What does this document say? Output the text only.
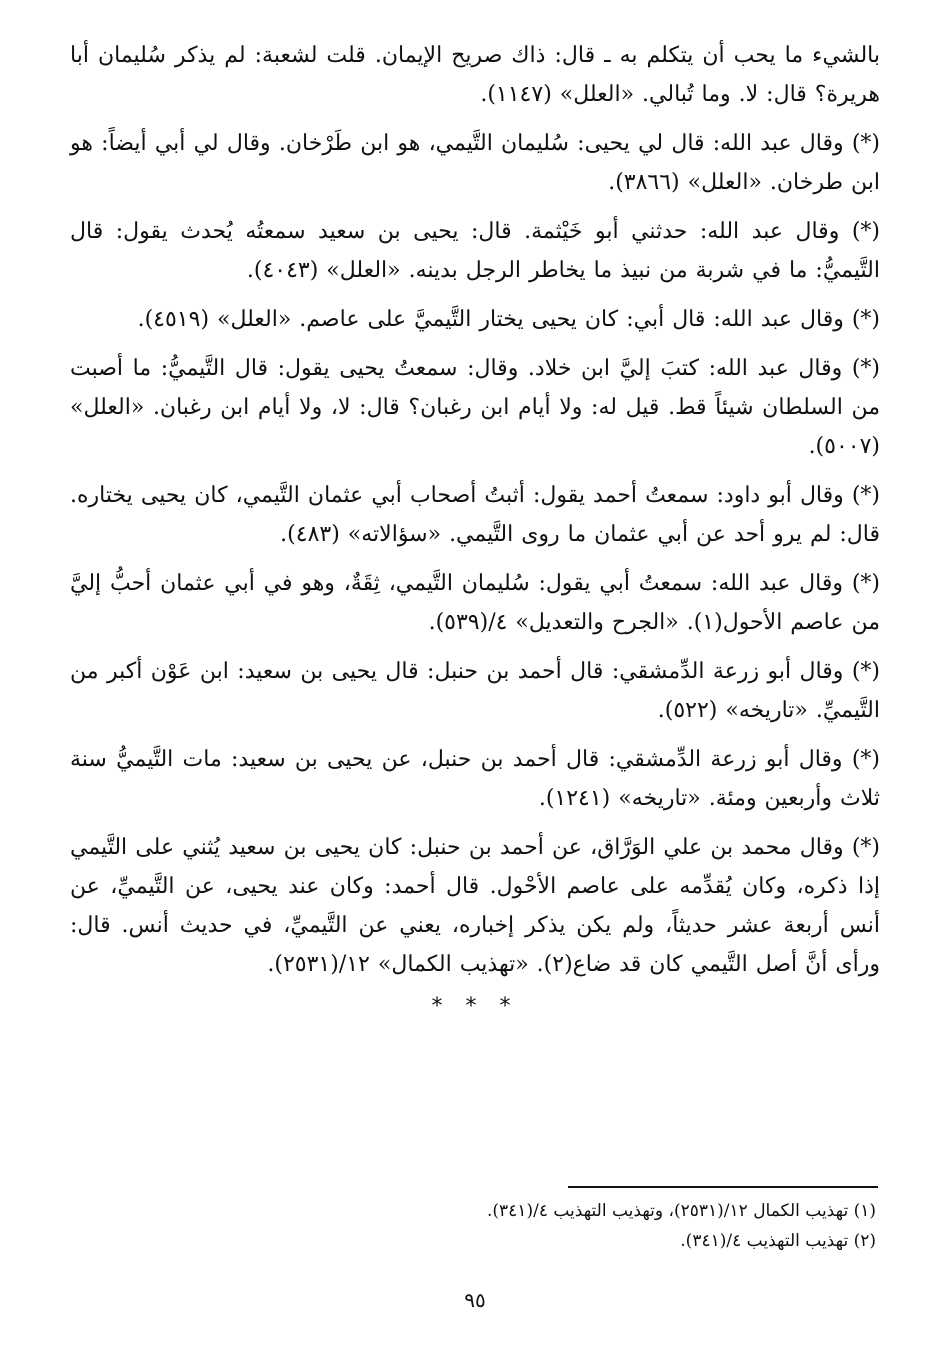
بالشيء ما يحب أن يتكلم به ـ قال: ذاك صريح الإيمان. قلت لشعبة: لم يذكر سُليمان أبا هريرة؟ قال: لا. وما تُبالي. «العلل» (١١٤٧).

(*) وقال عبد الله: قال لي يحيى: سُليمان التَّيمي، هو ابن طَرْخان. وقال لي أبي أيضاً: هو ابن طرخان. «العلل» (٣٨٦٦).

(*) وقال عبد الله: حدثني أبو خَيْثمة. قال: يحيى بن سعيد سمعتُه يُحدث يقول: قال التَّيميُّ: ما في شربة من نبيذ ما يخاطر الرجل بدينه. «العلل» (٤٠٤٣).

(*) وقال عبد الله: قال أبي: كان يحيى يختار التَّيميَّ على عاصم. «العلل» (٤٥١٩).

(*) وقال عبد الله: كتبَ إليَّ ابن خلاد. وقال: سمعتُ يحيى يقول: قال التَّيميُّ: ما أصبت من السلطان شيئاً قط. قيل له: ولا أيام ابن رغبان؟ قال: لا، ولا أيام ابن رغبان. «العلل» (٥٠٠٧).

(*) وقال أبو داود: سمعتُ أحمد يقول: أثبتُ أصحاب أبي عثمان التَّيمي، كان يحيى يختاره. قال: لم يرو أحد عن أبي عثمان ما روى التَّيمي. «سؤالاته» (٤٨٣).

(*) وقال عبد الله: سمعتُ أبي يقول: سُليمان التَّيمي، ثِقَةٌ، وهو في أبي عثمان أحبُّ إليَّ من عاصم الأحول(١). «الجرح والتعديل» ٤/(٥٣٩).

(*) وقال أبو زرعة الدِّمشقي: قال أحمد بن حنبل: قال يحيى بن سعيد: ابن عَوْن أكبر من التَّيميِّ. «تاريخه» (٥٢٢).

(*) وقال أبو زرعة الدِّمشقي: قال أحمد بن حنبل، عن يحيى بن سعيد: مات التَّيميُّ سنة ثلاث وأربعين ومئة. «تاريخه» (١٢٤١).

(*) وقال محمد بن علي الوَرَّاق، عن أحمد بن حنبل: كان يحيى بن سعيد يُثني على التَّيمي إذا ذكره، وكان يُقدِّمه على عاصم الأحْول. قال أحمد: وكان عند يحيى، عن التَّيميِّ، عن أنس أربعة عشر حديثاً، ولم يكن يذكر إخباره، يعني عن التَّيميِّ، في حديث أنس. قال: ورأى أنَّ أصل التَّيمي كان قد ضاع(٢). «تهذيب الكمال» ١٢/(٢٥٣١).

* * *
(١) تهذيب الكمال ١٢/(٢٥٣١)، وتهذيب التهذيب ٤/(٣٤١).
(٢) تهذيب التهذيب ٤/(٣٤١).
٩٥
